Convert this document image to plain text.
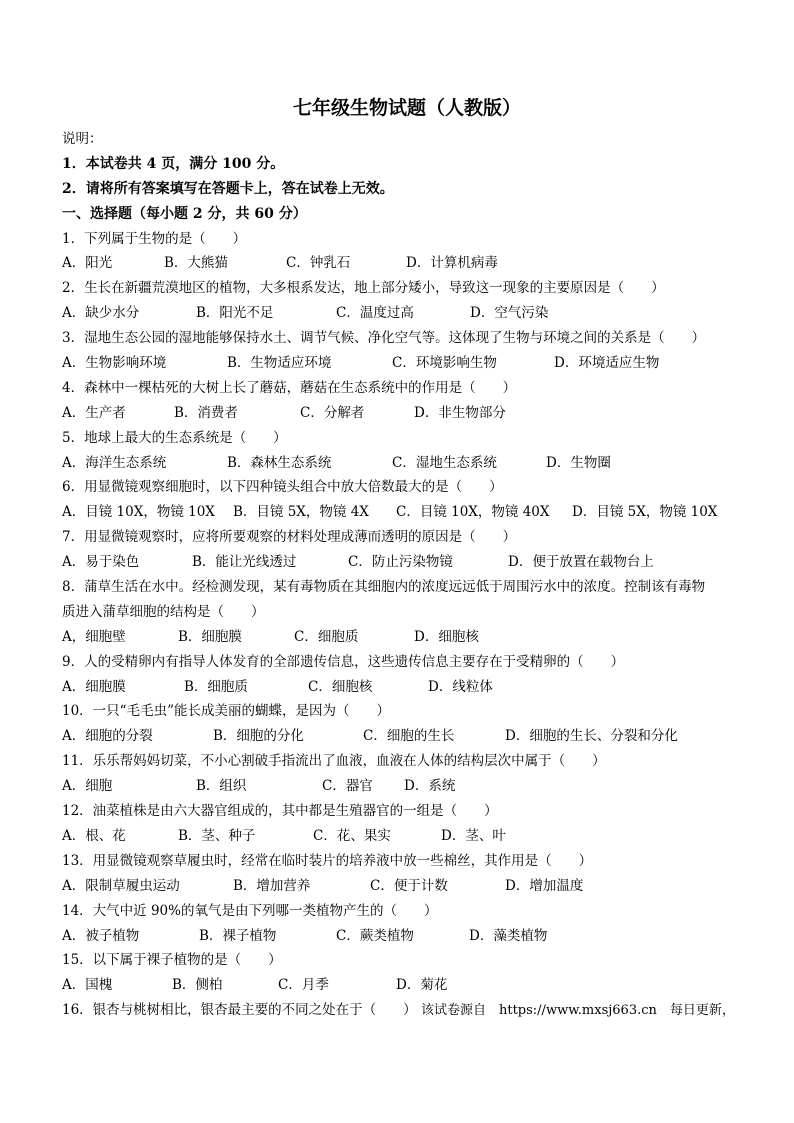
七年级生物试题（人教版）
说明：
1．本试卷共 4 页，满分 100 分。
2．请将所有答案填写在答题卡上，答在试卷上无效。
一、选择题（每小题 2 分，共 60 分）
1．下列属于生物的是（　　）
A．阳光	B．大熊猫	C．钟乳石	D．计算机病毒
2．生长在新疆荒漠地区的植物，大多根系发达，地上部分矮小，导致这一现象的主要原因是（　　）
A．缺少水分	B．阳光不足	C．温度过高	D．空气污染
3．湿地生态公园的湿地能够保持水土、调节气候、净化空气等。这体现了生物与环境之间的关系是（　　）
A．生物影响环境	B．生物适应环境	C．环境影响生物	D．环境适应生物
4．森林中一棵枯死的大树上长了蘑菇，蘑菇在生态系统中的作用是（　　）
A．生产者	B．消费者	C．分解者	D．非生物部分
5．地球上最大的生态系统是（　　）
A．海洋生态系统	B．森林生态系统	C．湿地生态系统	D．生物圈
6．用显微镜观察细胞时，以下四种镜头组合中放大倍数最大的是（　　）
A．目镜 10X，物镜 10X B．目镜 5X，物镜 4X C．目镜 10X，物镜 40X D．目镜 5X，物镜 10X
7．用显微镜观察时，应将所要观察的材料处理成薄而透明的原因是（　　）
A．易于染色	B．能让光线透过	C．防止污染物镜	D．便于放置在载物台上
8．蒲草生活在水中。经检测发现，某有毒物质在其细胞内的浓度远远低于周围污水中的浓度。控制该有毒物
质进入蒲草细胞的结构是（　　）
A，细胞壁	B．细胞膜	C．细胞质	D．细胞核
9．人的受精卵内有指导人体发育的全部遗传信息，这些遗传信息主要存在于受精卵的（　　）
A．细胞膜	B．细胞质	C．细胞核	D．线粒体
10．一只“毛毛虫”能长成美丽的蝴蝶，是因为（　　）
A．细胞的分裂	B．细胞的分化	C．细胞的生长	D．细胞的生长、分裂和分化
11．乐乐帮妈妈切菜，不小心割破手指流出了血液，血液在人体的结构层次中属于（　　）
A．细胞	B．组织	C．器官 D．系统
12．油菜植株是由六大器官组成的，其中都是生殖器官的一组是（　　）
A．根、花	B．茎、种子	C．花、果实	D．茎、叶
13．用显微镜观察草履虫时，经常在临时装片的培养液中放一些棉丝，其作用是（　　）
A．限制草履虫运动	B．增加营养	C．便于计数	D．增加温度
14．大气中近 90%的氧气是由下列哪一类植物产生的（　　）
A．被子植物	B．裸子植物	C．蕨类植物	D．藻类植物
15．以下属于裸子植物的是（　　）
A．国槐	B．侧柏	C．月季	D．菊花
16．银杏与桃树相比，银杏最主要的不同之处在于（　　） 该试卷源自　https://www.mxsj663.cn　每日更新，
